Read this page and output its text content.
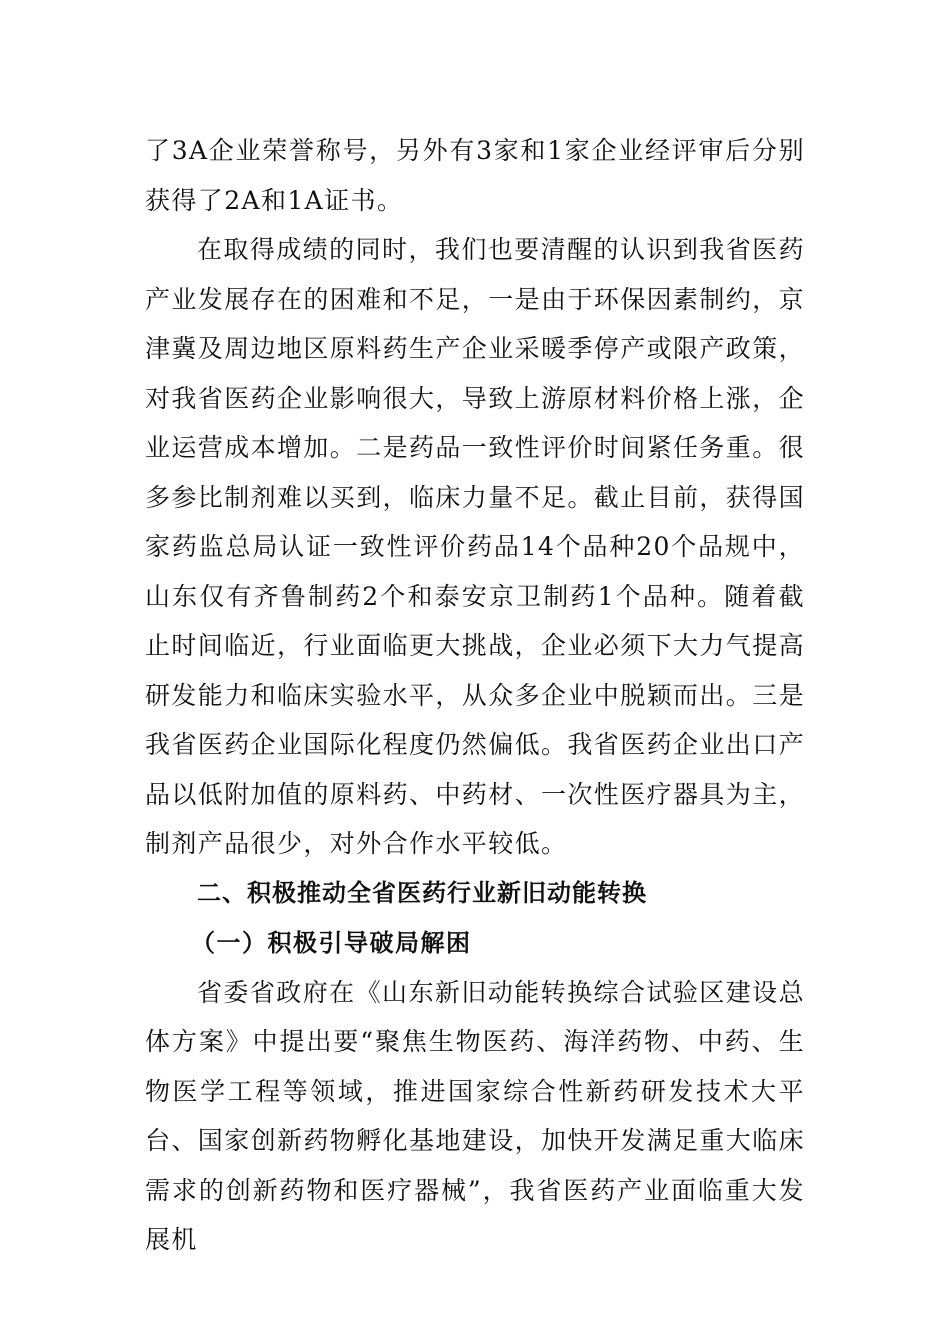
了3A企业荣誉称号，另外有3家和1家企业经评审后分别获得了2A和1A证书。

在取得成绩的同时，我们也要清醒的认识到我省医药产业发展存在的困难和不足，一是由于环保因素制约，京津冀及周边地区原料药生产企业采暖季停产或限产政策，对我省医药企业影响很大，导致上游原材料价格上涨，企业运营成本增加。二是药品一致性评价时间紧任务重。很多参比制剂难以买到，临床力量不足。截止目前，获得国家药监总局认证一致性评价药品14个品种20个品规中，山东仅有齐鲁制药2个和泰安京卫制药1个品种。随着截止时间临近，行业面临更大挑战，企业必须下大力气提高研发能力和临床实验水平，从众多企业中脱颖而出。三是我省医药企业国际化程度仍然偏低。我省医药企业出口产品以低附加值的原料药、中药材、一次性医疗器具为主，制剂产品很少，对外合作水平较低。

二、积极推动全省医药行业新旧动能转换

（一）积极引导破局解困

省委省政府在《山东新旧动能转换综合试验区建设总体方案》中提出要“聚焦生物医药、海洋药物、中药、生物医学工程等领域，推进国家综合性新药研发技术大平台、国家创新药物孵化基地建设，加快开发满足重大临床需求的创新药物和医疗器械”，我省医药产业面临重大发展机
